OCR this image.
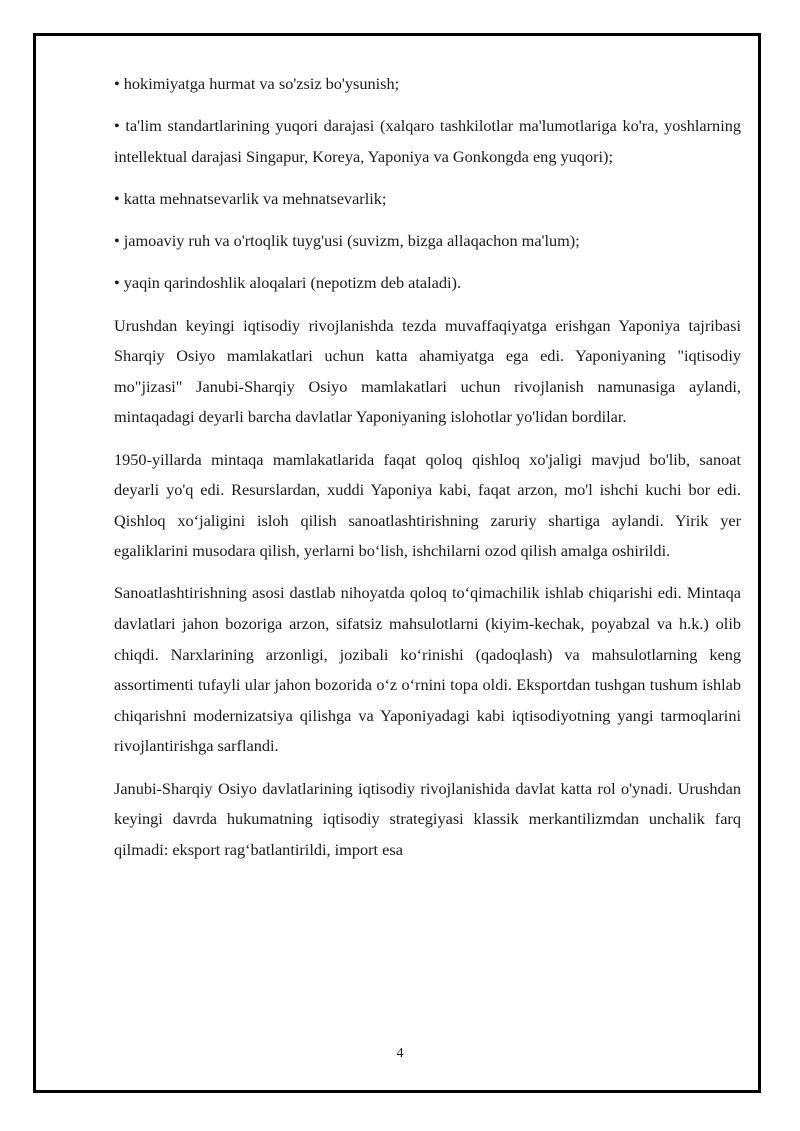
• hokimiyatga hurmat va so'zsiz bo'ysunish;

• ta'lim standartlarining yuqori darajasi (xalqaro tashkilotlar ma'lumotlariga ko'ra, yoshlarning intellektual darajasi Singapur, Koreya, Yaponiya va Gonkongda eng yuqori);

• katta mehnatsevarlik va mehnatsevarlik;

• jamoaviy ruh va o'rtoqlik tuyg'usi (suvizm, bizga allaqachon ma'lum);

• yaqin qarindoshlik aloqalari (nepotizm deb ataladi).

Urushdan keyingi iqtisodiy rivojlanishda tezda muvaffaqiyatga erishgan Yaponiya tajribasi Sharqiy Osiyo mamlakatlari uchun katta ahamiyatga ega edi. Yaponiyaning "iqtisodiy mo"jizasi" Janubi-Sharqiy Osiyo mamlakatlari uchun rivojlanish namunasiga aylandi, mintaqadagi deyarli barcha davlatlar Yaponiyaning islohotlar yo'lidan bordilar.

1950-yillarda mintaqa mamlakatlarida faqat qoloq qishloq xo'jaligi mavjud bo'lib, sanoat deyarli yo'q edi. Resurslardan, xuddi Yaponiya kabi, faqat arzon, mo'l ishchi kuchi bor edi. Qishloq xo‘jaligini isloh qilish sanoatlashtirishning zaruriy shartiga aylandi. Yirik yer egaliklarini musodara qilish, yerlarni bo‘lish, ishchilarni ozod qilish amalga oshirildi.

Sanoatlashtirishning asosi dastlab nihoyatda qoloq to‘qimachilik ishlab chiqarishi edi. Mintaqa davlatlari jahon bozoriga arzon, sifatsiz mahsulotlarni (kiyim-kechak, poyabzal va h.k.) olib chiqdi. Narxlarining arzonligi, jozibali ko‘rinishi (qadoqlash) va mahsulotlarning keng assortimenti tufayli ular jahon bozorida o‘z o‘rnini topa oldi. Eksportdan tushgan tushum ishlab chiqarishni modernizatsiya qilishga va Yaponiyadagi kabi iqtisodiyotning yangi tarmoqlarini rivojlantirishga sarflandi.

Janubi-Sharqiy Osiyo davlatlarining iqtisodiy rivojlanishida davlat katta rol o'ynadi. Urushdan keyingi davrda hukumatning iqtisodiy strategiyasi klassik merkantilizmdan unchalik farq qilmadi: eksport rag‘batlantirildi, import esa

4
